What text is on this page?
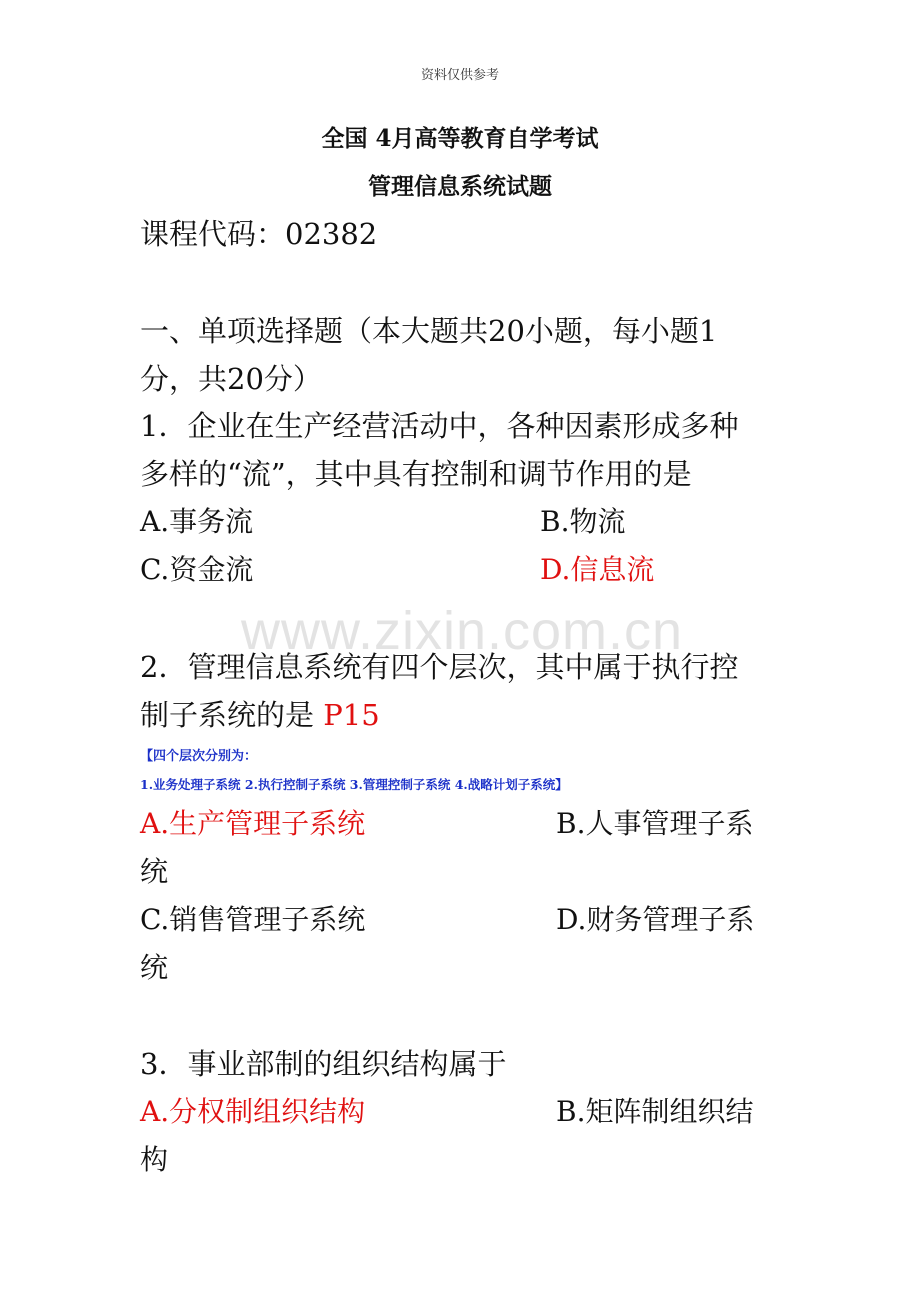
资料仅供参考
全国 4月高等教育自学考试
管理信息系统试题
课程代码：02382
一、单项选择题（本大题共20小题，每小题1
分，共20分）
1．企业在生产经营活动中，各种因素形成多种
多样的“流”，其中具有控制和调节作用的是
A.事务流	B.物流
C.资金流	D.信息流
www.zixin.com.cn
2．管理信息系统有四个层次，其中属于执行控
制子系统的是 P15
【四个层次分别为：
1.业务处理子系统 2.执行控制子系统 3.管理控制子系统 4.战略计划子系统】
A.生产管理子系统	B.人事管理子系
统
C.销售管理子系统	D.财务管理子系
统
3．事业部制的组织结构属于
A.分权制组织结构	B.矩阵制组织结
构
